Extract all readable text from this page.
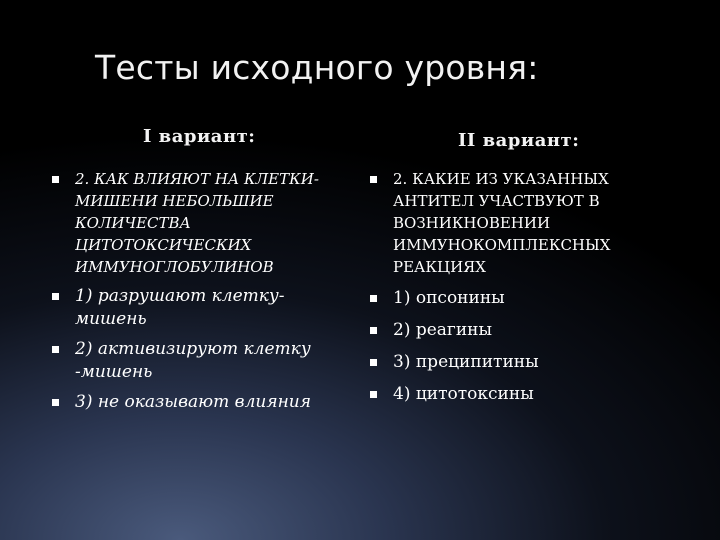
Тесты исходного уровня:
I вариант:	II вариант:
2. КАК ВЛИЯЮТ НА КЛЕТКИ-МИШЕНИ НЕБОЛЬШИЕ КОЛИЧЕСТВА ЦИТОТОКСИЧЕСКИХ ИММУНОГЛОБУЛИНОВ
1) разрушают клетку-мишень
2) активизируют клетку -мишень
3) не оказывают влияния
2. КАКИЕ ИЗ УКАЗАННЫХ АНТИТЕЛ УЧАСТВУЮТ В ВОЗНИКНОВЕНИИ ИММУНОКОМПЛЕКСНЫХ РЕАКЦИЯХ
1) опсонины
2) реагины
3) преципитины
4) цитотоксины
